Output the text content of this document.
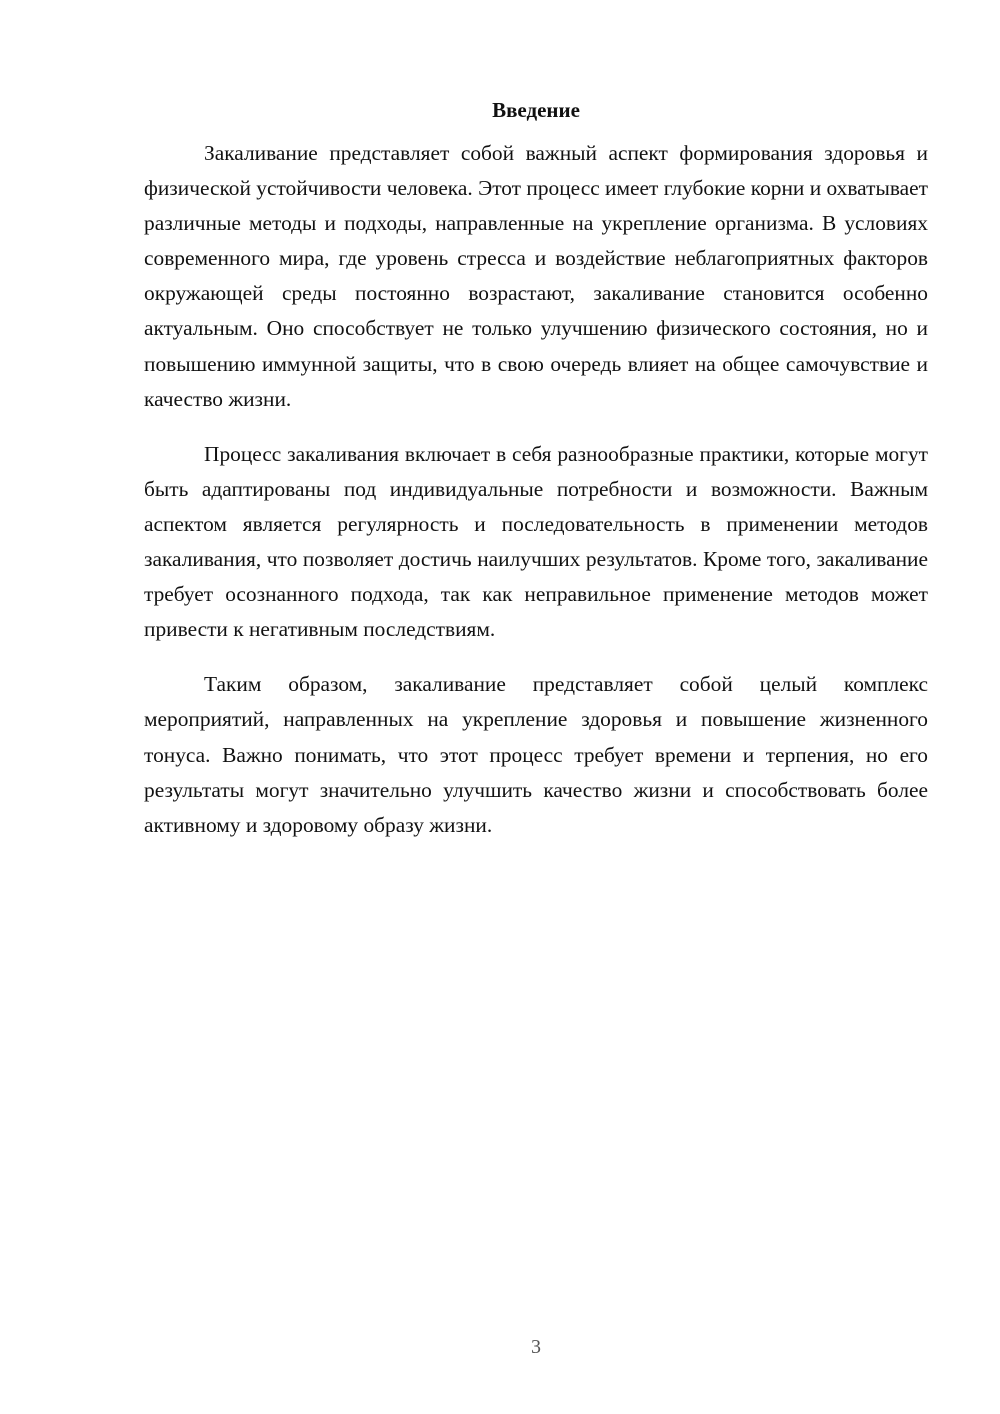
Введение

Закаливание представляет собой важный аспект формирования здоровья и физической устойчивости человека. Этот процесс имеет глубокие корни и охватывает различные методы и подходы, направленные на укрепление организма. В условиях современного мира, где уровень стресса и воздействие неблагоприятных факторов окружающей среды постоянно возрастают, закаливание становится особенно актуальным. Оно способствует не только улучшению физического состояния, но и повышению иммунной защиты, что в свою очередь влияет на общее самочувствие и качество жизни.

Процесс закаливания включает в себя разнообразные практики, которые могут быть адаптированы под индивидуальные потребности и возможности. Важным аспектом является регулярность и последовательность в применении методов закаливания, что позволяет достичь наилучших результатов. Кроме того, закаливание требует осознанного подхода, так как неправильное применение методов может привести к негативным последствиям.

Таким образом, закаливание представляет собой целый комплекс мероприятий, направленных на укрепление здоровья и повышение жизненного тонуса. Важно понимать, что этот процесс требует времени и терпения, но его результаты могут значительно улучшить качество жизни и способствовать более активному и здоровому образу жизни.

3
